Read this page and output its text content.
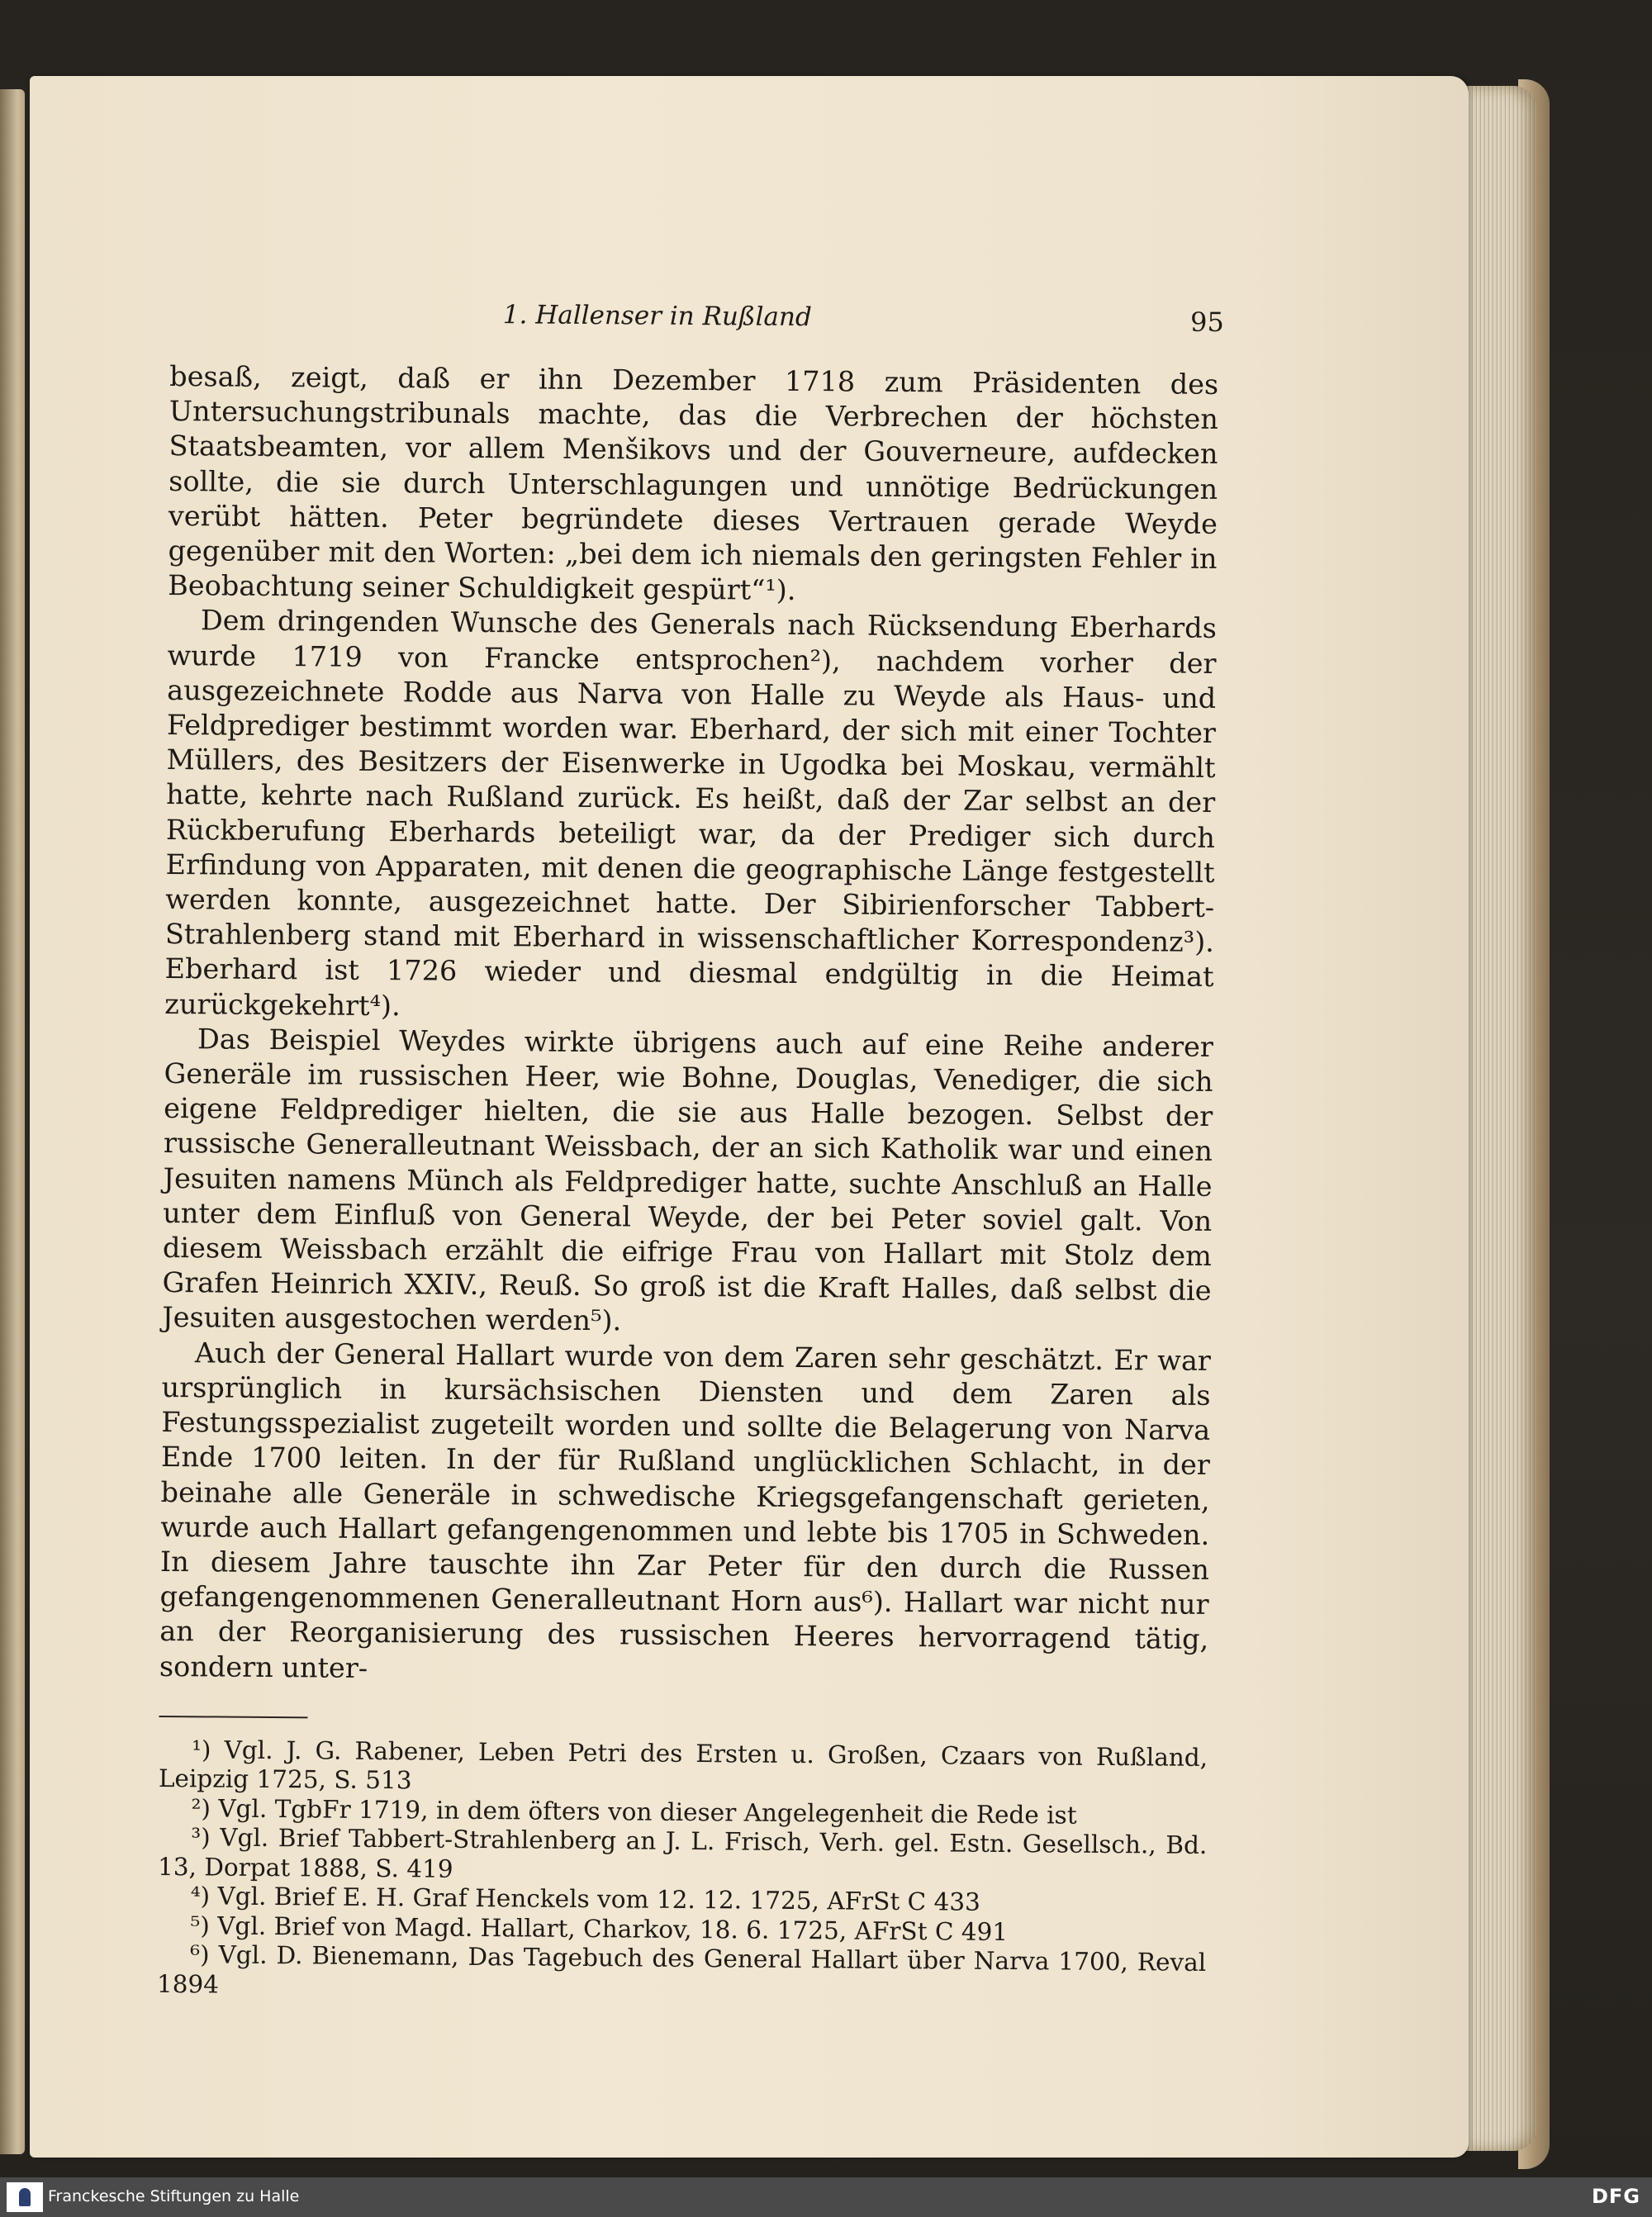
1. Hallenser in Rußland	95

besaß, zeigt, daß er ihn Dezember 1718 zum Präsidenten des Untersuchungstribunals machte, das die Verbrechen der höchsten Staatsbeamten, vor allem Menšikovs und der Gouverneure, aufdecken sollte, die sie durch Unterschlagungen und unnötige Bedrückungen verübt hätten. Peter begründete dieses Vertrauen gerade Weyde gegenüber mit den Worten: „bei dem ich niemals den geringsten Fehler in Beobachtung seiner Schuldigkeit gespürt“¹).

Dem dringenden Wunsche des Generals nach Rücksendung Eberhards wurde 1719 von Francke entsprochen²), nachdem vorher der ausgezeichnete Rodde aus Narva von Halle zu Weyde als Haus- und Feldprediger bestimmt worden war. Eberhard, der sich mit einer Tochter Müllers, des Besitzers der Eisenwerke in Ugodka bei Moskau, vermählt hatte, kehrte nach Rußland zurück. Es heißt, daß der Zar selbst an der Rückberufung Eberhards beteiligt war, da der Prediger sich durch Erfindung von Apparaten, mit denen die geographische Länge festgestellt werden konnte, ausgezeichnet hatte. Der Sibirienforscher Tabbert-Strahlenberg stand mit Eberhard in wissenschaftlicher Korrespondenz³). Eberhard ist 1726 wieder und diesmal endgültig in die Heimat zurückgekehrt⁴).

Das Beispiel Weydes wirkte übrigens auch auf eine Reihe anderer Generäle im russischen Heer, wie Bohne, Douglas, Venediger, die sich eigene Feldprediger hielten, die sie aus Halle bezogen. Selbst der russische Generalleutnant Weissbach, der an sich Katholik war und einen Jesuiten namens Münch als Feldprediger hatte, suchte Anschluß an Halle unter dem Einfluß von General Weyde, der bei Peter soviel galt. Von diesem Weissbach erzählt die eifrige Frau von Hallart mit Stolz dem Grafen Heinrich XXIV., Reuß. So groß ist die Kraft Halles, daß selbst die Jesuiten ausgestochen werden⁵).

Auch der General Hallart wurde von dem Zaren sehr geschätzt. Er war ursprünglich in kursächsischen Diensten und dem Zaren als Festungsspezialist zugeteilt worden und sollte die Belagerung von Narva Ende 1700 leiten. In der für Rußland unglücklichen Schlacht, in der beinahe alle Generäle in schwedische Kriegsgefangenschaft gerieten, wurde auch Hallart gefangengenommen und lebte bis 1705 in Schweden. In diesem Jahre tauschte ihn Zar Peter für den durch die Russen gefangengenommenen Generalleutnant Horn aus⁶). Hallart war nicht nur an der Reorganisierung des russischen Heeres hervorragend tätig, sondern unter-

¹) Vgl. J. G. Rabener, Leben Petri des Ersten u. Großen, Czaars von Rußland, Leipzig 1725, S. 513

²) Vgl. TgbFr 1719, in dem öfters von dieser Angelegenheit die Rede ist

³) Vgl. Brief Tabbert-Strahlenberg an J. L. Frisch, Verh. gel. Estn. Gesellsch., Bd. 13, Dorpat 1888, S. 419

⁴) Vgl. Brief E. H. Graf Henckels vom 12. 12. 1725, AFrSt C 433

⁵) Vgl. Brief von Magd. Hallart, Charkov, 18. 6. 1725, AFrSt C 491

⁶) Vgl. D. Bienemann, Das Tagebuch des General Hallart über Narva 1700, Reval 1894

Franckesche Stiftungen zu Halle	DFG
